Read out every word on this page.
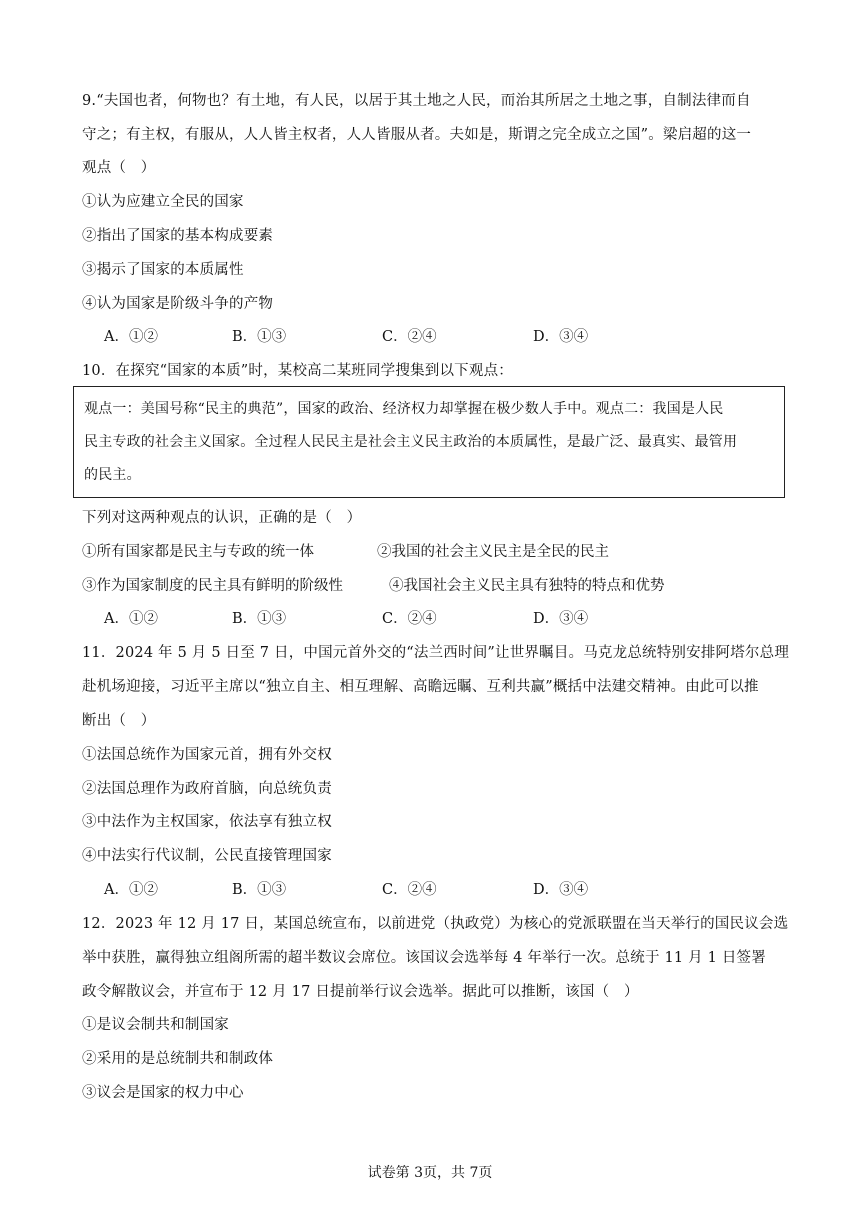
9.“夫国也者，何物也？有土地，有人民，以居于其土地之人民，而治其所居之土地之事，自制法律而自
守之；有主权，有服从，人人皆主权者，人人皆服从者。夫如是，斯谓之完全成立之国”。梁启超的这一
观点（　）
①认为应建立全民的国家
②指出了国家的基本构成要素
③揭示了国家的本质属性
④认为国家是阶级斗争的产物
A．①②	B．①③	C．②④	D．③④
10．在探究“国家的本质”时，某校高二某班同学搜集到以下观点：
观点一：美国号称“民主的典范”，国家的政治、经济权力却掌握在极少数人手中。观点二：我国是人民
民主专政的社会主义国家。全过程人民民主是社会主义民主政治的本质属性，是最广泛、最真实、最管用
的民主。
下列对这两种观点的认识，正确的是（　）
①所有国家都是民主与专政的统一体	②我国的社会主义民主是全民的民主
③作为国家制度的民主具有鲜明的阶级性	④我国社会主义民主具有独特的特点和优势
A．①②	B．①③	C．②④	D．③④
11．2024 年 5 月 5 日至 7 日，中国元首外交的“法兰西时间”让世界瞩目。马克龙总统特别安排阿塔尔总理
赴机场迎接，习近平主席以“独立自主、相互理解、高瞻远瞩、互利共赢”概括中法建交精神。由此可以推
断出（　）
①法国总统作为国家元首，拥有外交权
②法国总理作为政府首脑，向总统负责
③中法作为主权国家，依法享有独立权
④中法实行代议制，公民直接管理国家
A．①②	B．①③	C．②④	D．③④
12．2023 年 12 月 17 日，某国总统宣布，以前进党（执政党）为核心的党派联盟在当天举行的国民议会选
举中获胜，赢得独立组阁所需的超半数议会席位。该国议会选举每 4 年举行一次。总统于 11 月 1 日签署
政令解散议会，并宣布于 12 月 17 日提前举行议会选举。据此可以推断，该国（　）
①是议会制共和制国家
②采用的是总统制共和制政体
③议会是国家的权力中心
试卷第 3页，共 7页
